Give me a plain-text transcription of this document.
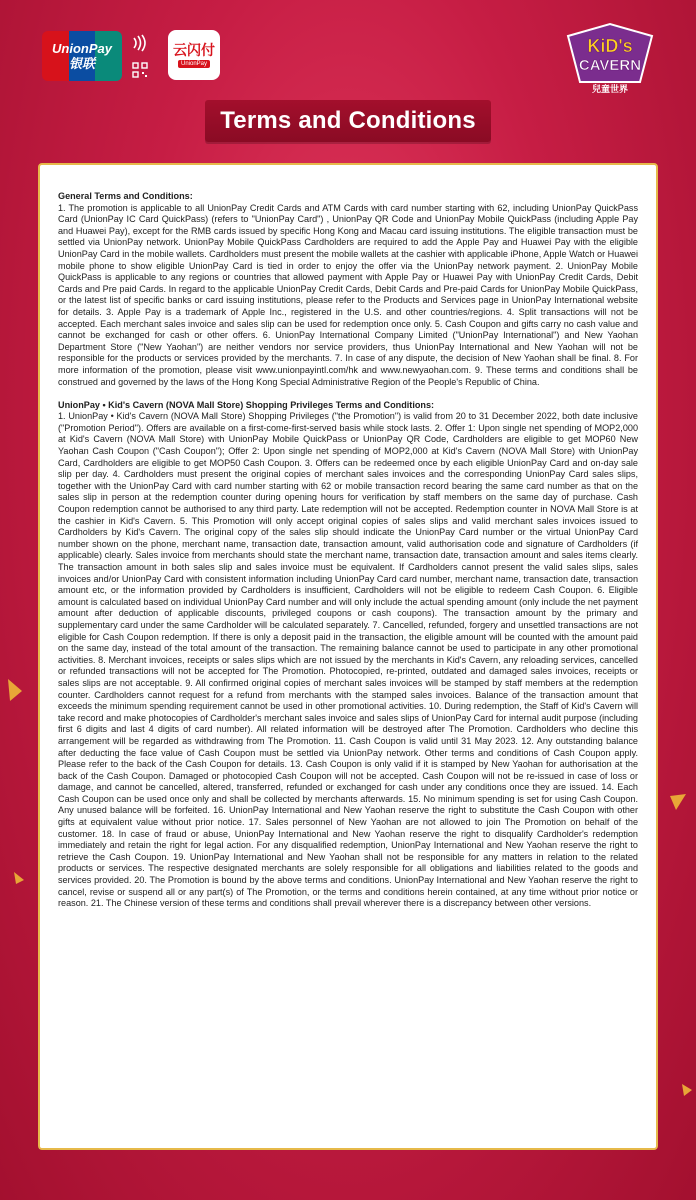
UnionPay
银联
云闪付
UnionPay
KiD's
CAVERN
兒童世界
Terms and Conditions
General Terms and Conditions:

1. The promotion is applicable to all UnionPay Credit Cards and ATM Cards with card number starting with 62, including UnionPay QuickPass Card (UnionPay IC Card QuickPass) (refers to "UnionPay Card") , UnionPay QR Code and UnionPay Mobile QuickPass (including Apple Pay and Huawei Pay), except for the RMB cards issued by specific Hong Kong and Macau card issuing institutions. The eligible transaction must be settled via UnionPay network. UnionPay Mobile QuickPass Cardholders are required to add the Apple Pay and Huawei Pay with the eligible UnionPay Card in the mobile wallets. Cardholders must present the mobile wallets at the cashier with applicable iPhone, Apple Watch or Huawei mobile phone to show eligible UnionPay Card is tied in order to enjoy the offer via the UnionPay network payment. 2. UnionPay Mobile QuickPass is applicable to any regions or countries that allowed payment with Apple Pay or Huawei Pay with UnionPay Credit Cards, Debit Cards and Pre paid Cards. In regard to the applicable UnionPay Credit Cards, Debit Cards and Pre-paid Cards for UnionPay Mobile QuickPass, or the latest list of specific banks or card issuing institutions, please refer to the Products and Services page in UnionPay International website for details. 3. Apple Pay is a trademark of Apple Inc., registered in the U.S. and other countries/regions. 4. Split transactions will not be accepted. Each merchant sales invoice and sales slip can be used for redemption once only. 5. Cash Coupon and gifts carry no cash value and cannot be exchanged for cash or other offers. 6. UnionPay International Company Limited ("UnionPay International") and New Yaohan Department Store ("New Yaohan") are neither vendors nor service providers, thus UnionPay International and New Yaohan will not be responsible for the products or services provided by the merchants. 7. In case of any dispute, the decision of New Yaohan shall be final. 8. For more information of the promotion, please visit www.unionpayintl.com/hk and www.newyaohan.com. 9. These terms and conditions shall be construed and governed by the laws of the Hong Kong Special Administrative Region of the People's Republic of China.

UnionPay • Kid's Cavern (NOVA Mall Store) Shopping Privileges Terms and Conditions:

1. UnionPay • Kid's Cavern (NOVA Mall Store) Shopping Privileges ("the Promotion") is valid from 20 to 31 December 2022, both date inclusive ("Promotion Period"). Offers are available on a first-come-first-served basis while stock lasts. 2. Offer 1: Upon single net spending of MOP2,000 at Kid's Cavern (NOVA Mall Store) with UnionPay Mobile QuickPass or UnionPay QR Code, Cardholders are eligible to get MOP60 New Yaohan Cash Coupon ("Cash Coupon"); Offer 2: Upon single net spending of MOP2,000 at Kid's Cavern (NOVA Mall Store) with UnionPay Card, Cardholders are eligible to get MOP50 Cash Coupon. 3. Offers can be redeemed once by each eligible UnionPay Card and on-day sale slip per day. 4. Cardholders must present the original copies of merchant sales invoices and the corresponding UnionPay Card sales slips, together with the UnionPay Card with card number starting with 62 or mobile transaction record bearing the same card number as that on the sales slip in person at the redemption counter during opening hours for verification by staff members on the same day of purchase. Cash Coupon redemption cannot be authorised to any third party. Late redemption will not be accepted. Redemption counter in NOVA Mall Store is at the cashier in Kid's Cavern. 5. This Promotion will only accept original copies of sales slips and valid merchant sales invoices issued to Cardholders by Kid's Cavern. The original copy of the sales slip should indicate the UnionPay Card number or the virtual UnionPay Card number shown on the phone, merchant name, transaction date, transaction amount, valid authorisation code and signature of Cardholders (if applicable) clearly. Sales invoice from merchants should state the merchant name, transaction date, transaction amount and sales items clearly. The transaction amount in both sales slip and sales invoice must be equivalent. If Cardholders cannot present the valid sales slips, sales invoices and/or UnionPay Card with consistent information including UnionPay Card card number, merchant name, transaction date, transaction amount etc, or the information provided by Cardholders is insufficient, Cardholders will not be eligible to redeem Cash Coupon. 6. Eligible amount is calculated based on individual UnionPay Card number and will only include the actual spending amount (only include the net payment amount after deduction of applicable discounts, privileged coupons or cash coupons). The transaction amount by the primary and supplementary card under the same Cardholder will be calculated separately. 7. Cancelled, refunded, forgery and unsettled transactions are not eligible for Cash Coupon redemption. If there is only a deposit paid in the transaction, the eligible amount will be counted with the amount paid on the same day, instead of the total amount of the transaction. The remaining balance cannot be used to participate in any other promotional activities. 8. Merchant invoices, receipts or sales slips which are not issued by the merchants in Kid's Cavern, any reloading services, cancelled or refunded transactions will not be accepted for The Promotion. Photocopied, re-printed, outdated and damaged sales invoices, receipts or sales slips are not acceptable. 9. All confirmed original copies of merchant sales invoices will be stamped by staff members at the redemption counter. Cardholders cannot request for a refund from merchants with the stamped sales invoices. Balance of the transaction amount that exceeds the minimum spending requirement cannot be used in other promotional activities. 10. During redemption, the Staff of Kid's Cavern will take record and make photocopies of Cardholder's merchant sales invoice and sales slips of UnionPay Card for internal audit purpose (including first 6 digits and last 4 digits of card number). All related information will be destroyed after The Promotion. Cardholders who decline this arrangement will be regarded as withdrawing from The Promotion. 11. Cash Coupon is valid until 31 May 2023. 12. Any outstanding balance after deducting the face value of Cash Coupon must be settled via UnionPay network. Other terms and conditions of Cash Coupon apply. Please refer to the back of the Cash Coupon for details. 13. Cash Coupon is only valid if it is stamped by New Yaohan for authorisation at the back of the Cash Coupon. Damaged or photocopied Cash Coupon will not be accepted. Cash Coupon will not be re-issued in case of loss or damage, and cannot be cancelled, altered, transferred, refunded or exchanged for cash under any conditions once they are issued. 14. Each Cash Coupon can be used once only and shall be collected by merchants afterwards. 15. No minimum spending is set for using Cash Coupon. Any unused balance will be forfeited. 16. UnionPay International and New Yaohan reserve the right to substitute the Cash Coupon with other gifts at equivalent value without prior notice. 17. Sales personnel of New Yaohan are not allowed to join The Promotion on behalf of the customer. 18. In case of fraud or abuse, UnionPay International and New Yaohan reserve the right to disqualify Cardholder's redemption immediately and retain the right for legal action. For any disqualified redemption, UnionPay International and New Yaohan reserve the right to retrieve the Cash Coupon. 19. UnionPay International and New Yaohan shall not be responsible for any matters in relation to the related products or services. The respective designated merchants are solely responsible for all obligations and liabilities related to the goods and services provided. 20. The Promotion is bound by the above terms and conditions. UnionPay International and New Yaohan reserve the right to cancel, revise or suspend all or any part(s) of The Promotion, or the terms and conditions herein contained, at any time without prior notice or reason. 21. The Chinese version of these terms and conditions shall prevail wherever there is a discrepancy between other versions.
